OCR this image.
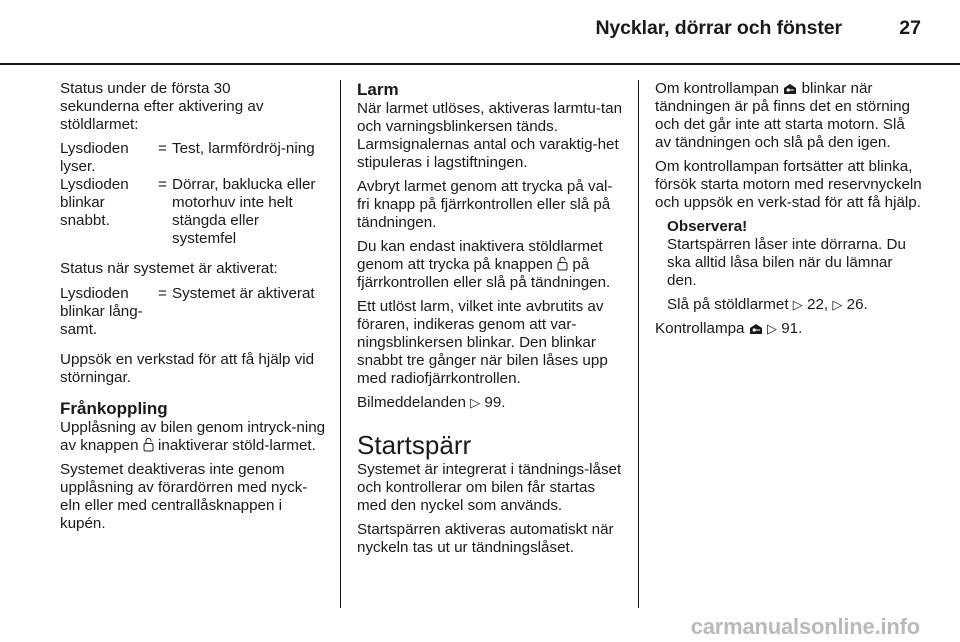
Nycklar, dörrar och fönster	27

Status under de första 30 sekunderna efter aktivering av stöldlarmet:

Lysdioden lyser.
= Test, larmfördröj-ning
Lysdioden blinkar snabbt.
= Dörrar, baklucka eller motorhuv inte helt stängda eller systemfel

Status när systemet är aktiverat:

Lysdioden blinkar lång-samt.
= Systemet är aktiverat

Uppsök en verkstad för att få hjälp vid störningar.

Frånkoppling

Upplåsning av bilen genom intryck-ning av knappen inaktiverar stöld-larmet.

Systemet deaktiveras inte genom upplåsning av förardörren med nyck-eln eller med centrallåsknappen i kupén.

Larm

När larmet utlöses, aktiveras larmtu-tan och varningsblinkersen tänds. Larmsignalernas antal och varaktig-het stipuleras i lagstiftningen.

Avbryt larmet genom att trycka på val-fri knapp på fjärrkontrollen eller slå på tändningen.

Du kan endast inaktivera stöldlarmet genom att trycka på knappen på fjärrkontrollen eller slå på tändningen.

Ett utlöst larm, vilket inte avbrutits av föraren, indikeras genom att var-ningsblinkersen blinkar. Den blinkar snabbt tre gånger när bilen låses upp med radiofjärrkontrollen.

Bilmeddelanden ▷ 99.

Startspärr

Systemet är integrerat i tändnings-låset och kontrollerar om bilen får startas med den nyckel som används.

Startspärren aktiveras automatiskt när nyckeln tas ut ur tändningslåset.

Om kontrollampan blinkar när tändningen är på finns det en störning och det går inte att starta motorn. Slå av tändningen och slå på den igen.

Om kontrollampan fortsätter att blinka, försök starta motorn med reservnyckeln och uppsök en verk-stad för att få hjälp.

Observera!

Startspärren låser inte dörrarna. Du ska alltid låsa bilen när du lämnar den.

Slå på stöldlarmet ▷ 22, ▷ 26.

Kontrollampa ▷ 91.

carmanualsonline.info
